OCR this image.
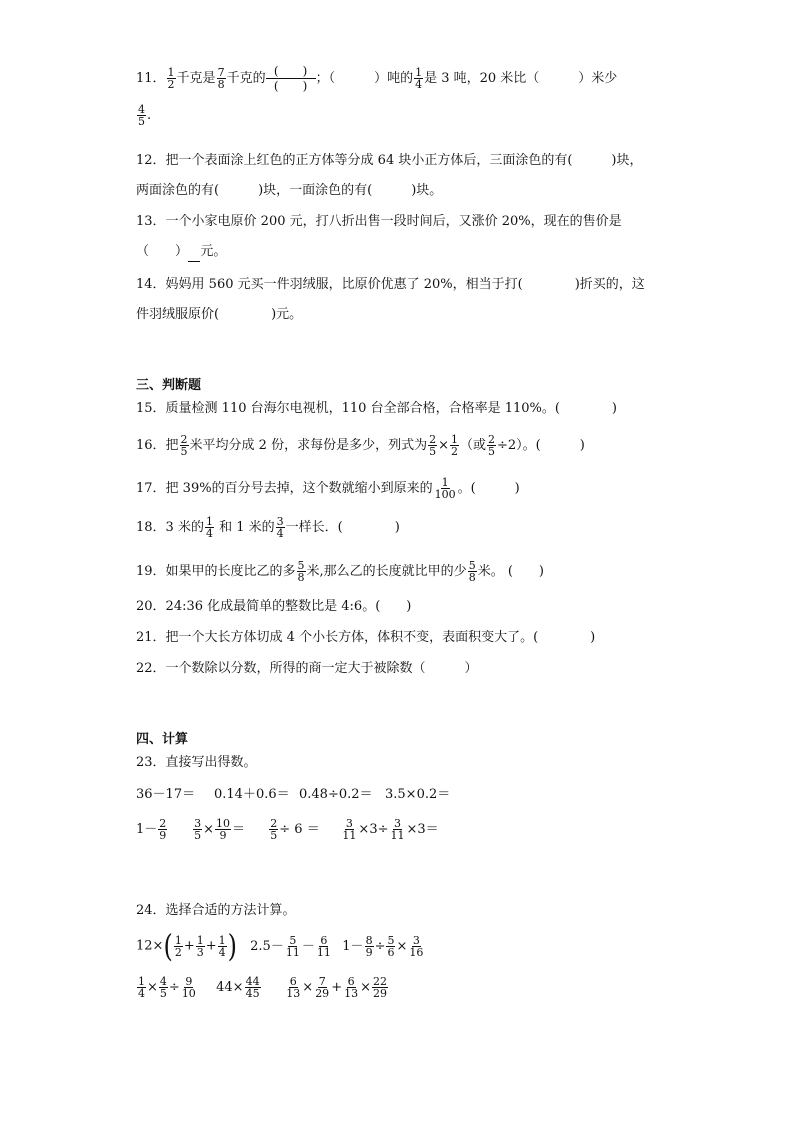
11． $\frac{1}{2}$ 千克是 $\frac{7}{8}$ 千克的 (　　)
(　　) ；（　　　）吨的 $\frac{1}{4}$ 是 3 吨，20 米比（　　　）米少
$\frac{4}{5}$ .
12．把一个表面涂上红色的正方体等分成 64 块小正方体后，三面涂色的有(　　　)块，
两面涂色的有(　　　)块，一面涂色的有(　　　)块。
13．一个小家电原价 200 元，打八折出售一段时间后，又涨价 20%，现在的售价是
（　　） 元。
14．妈妈用 560 元买一件羽绒服，比原价优惠了 20%，相当于打(　　　　)折买的，这
件羽绒服原价(　　　　)元。
三、判断题
15．质量检测 110 台海尔电视机，110 台全部合格，合格率是 110%。(　　　　)
16．把 $\frac{2}{5}$ 米平均分成 2 份，求每份是多少，列式为 $\frac{2}{5} \times \frac{1}{2}$ （或 $\frac{2}{5} \div 2$）。(　　　)
17．把 39%的百分号去掉，这个数就缩小到原来的 $\frac{1}{100}$ 。(　　　)
18．3 米的 $\frac{1}{4}$ 和 1 米的 $\frac{3}{4}$ 一样长．(　　　　)
19．如果甲的长度比乙的多 $\frac{5}{8}$ 米,那么乙的长度就比甲的少 $\frac{5}{8}$ 米。 (　　)
20．24:36 化成最简单的整数比是 4:6。(　　)
21．把一个大长方体切成 4 个小长方体，体积不变，表面积变大了。(　　　　)
22．一个数除以分数，所得的商一定大于被除数（　　　）
四、计算
23．直接写出得数。
36－17＝ 0.14＋0.6＝ 0.48÷0.2＝ 3.5×0.2＝
$1- \frac{2}{9}$
$\frac{3}{5} \times \frac{10}{9} = \frac{2}{5} \div 6 = \frac{3}{11} \times 3\div \frac{3}{11} \times 3=$
24．选择合适的方法计算。
$12\times( \frac{1}{2} + \frac{1}{3} + \frac{1}{4}$ ) $2.5- \frac{5}{11} - \frac{6}{11} 1- \frac{8}{9} \div \frac{5}{6} \times \frac{3}{16}$
$\frac{1}{4} \times \frac{4}{5} \div \frac{9}{10} 44\times \frac{44}{45}$
$\frac{6}{13} \times \frac{7}{29} + \frac{6}{13} \times \frac{22}{29}$
